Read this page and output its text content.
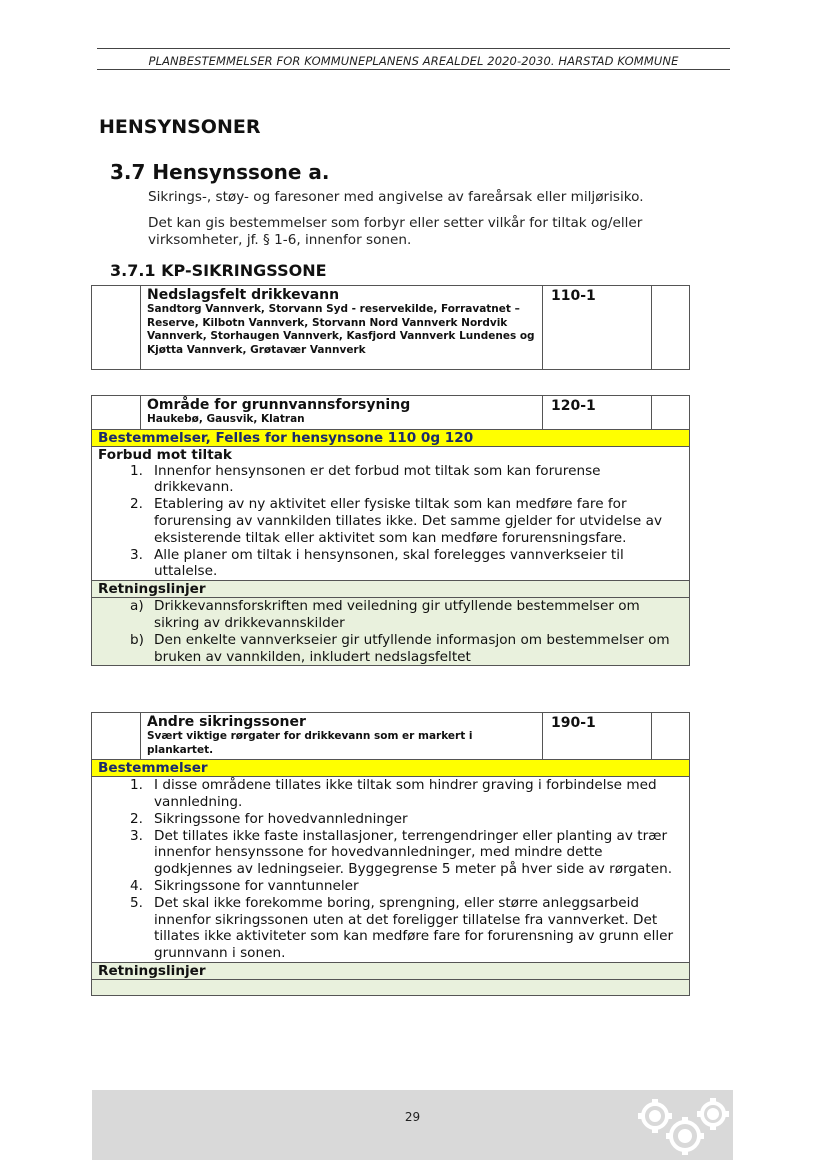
PLANBESTEMMELSER FOR KOMMUNEPLANENS AREALDEL 2020-2030. HARSTAD KOMMUNE
HENSYNSONER
3.7 Hensynssone a.
Sikrings-, støy- og faresoner med angivelse av fareårsak eller miljørisiko.
Det kan gis bestemmelser som forbyr eller setter vilkår for tiltak og/eller virksomheter, jf. § 1-6, innenfor sonen.
3.7.1 KP-SIKRINGSSONE

Nedslagsfelt drikkevann
Sandtorg Vannverk, Storvann Syd - reservekilde, Forravatnet – Reserve, Kilbotn Vannverk, Storvann Nord Vannverk Nordvik Vannverk, Storhaugen Vannverk, Kasfjord Vannverk Lundenes og Kjøtta Vannverk, Grøtavær Vannverk
	110-1	

Område for grunnvannsforsyning
Haukebø, Gausvik, Klatran
	120-1	
Bestemmelser, Felles for hensynsone 110 0g 120

Forbud mot tiltak
1. Innenfor hensynsonen er det forbud mot tiltak som kan forurense drikkevann.
2. Etablering av ny aktivitet eller fysiske tiltak som kan medføre fare for forurensing av vannkilden tillates ikke. Det samme gjelder for utvidelse av eksisterende tiltak eller aktivitet som kan medføre forurensningsfare.
3. Alle planer om tiltak i hensynsonen, skal forelegges vannverkseier til uttalelse.

Retningslinjer

a) Drikkevannsforskriften med veiledning gir utfyllende bestemmelser om sikring av drikkevannskilder
b) Den enkelte vannverkseier gir utfyllende informasjon om bestemmelser om bruken av vannkilden, inkludert nedslagsfeltet

Andre sikringssoner
Svært viktige rørgater for drikkevann som er markert i plankartet.
	190-1	
Bestemmelser

1. I disse områdene tillates ikke tiltak som hindrer graving i forbindelse med vannledning.
2. Sikringssone for hovedvannledninger
3. Det tillates ikke faste installasjoner, terrengendringer eller planting av trær innenfor hensynssone for hovedvannledninger, med mindre dette godkjennes av ledningseier. Byggegrense 5 meter på hver side av rørgaten.
4. Sikringssone for vanntunneler
5. Det skal ikke forekomme boring, sprengning, eller større anleggsarbeid innenfor sikringssonen uten at det foreligger tillatelse fra vannverket. Det tillates ikke aktiviteter som kan medføre fare for forurensning av grunn eller grunnvann i sonen.

Retningslinjer

29
